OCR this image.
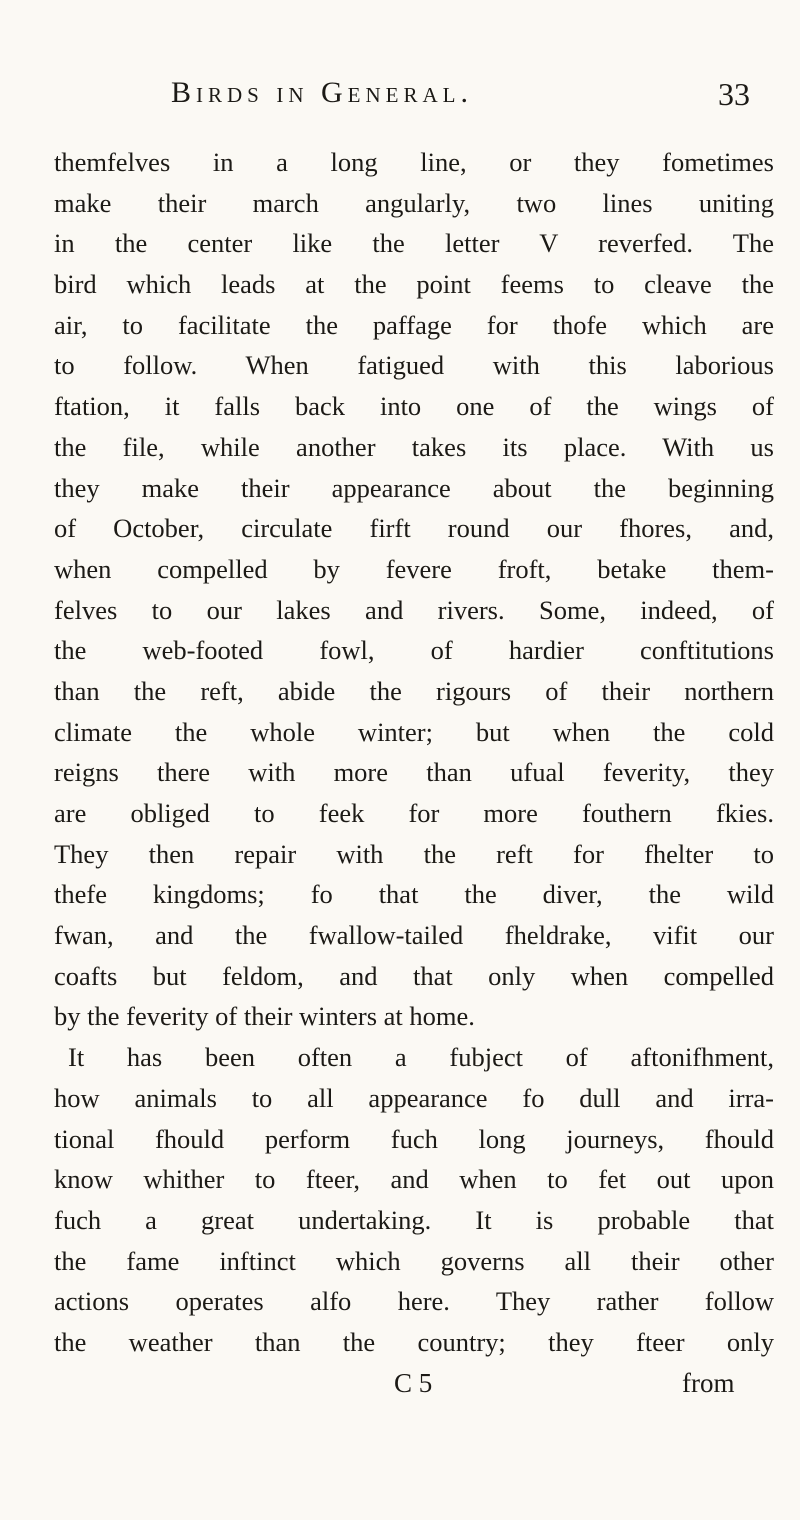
Birds in General.	33
themfelves in a long line, or they fometimes
make their march angularly, two lines uniting
in the center like the letter V reverfed. The
bird which leads at the point feems to cleave the
air, to facilitate the paffage for thofe which are
to follow. When fatigued with this laborious
ftation, it falls back into one of the wings of
the file, while another takes its place. With us
they make their appearance about the beginning
of October, circulate firft round our fhores, and,
when compelled by fevere froft, betake them-
felves to our lakes and rivers. Some, indeed, of
the web-footed fowl, of hardier conftitutions
than the reft, abide the rigours of their northern
climate the whole winter; but when the cold
reigns there with more than ufual feverity, they
are obliged to feek for more fouthern fkies.
They then repair with the reft for fhelter to
thefe kingdoms; fo that the diver, the wild
fwan, and the fwallow-tailed fheldrake, vifit our
coafts but feldom, and that only when compelled
by the feverity of their winters at home.
It has been often a fubject of aftonifhment,
how animals to all appearance fo dull and irra-
tional fhould perform fuch long journeys, fhould
know whither to fteer, and when to fet out upon
fuch a great undertaking. It is probable that
the fame inftinct which governs all their other
actions operates alfo here. They rather follow
the weather than the country; they fteer only
C 5	from
